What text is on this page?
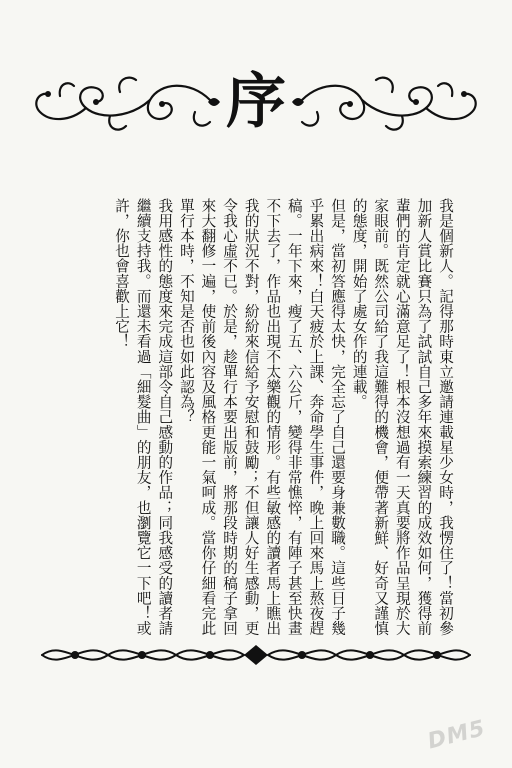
序

我是個新人。記得那時東立邀請連載星少女時，我愣住了！當初參加新人賞比賽只為了試試自己多年來摸索練習的成效如何，獲得前輩們的肯定就心滿意足了！根本沒想過有一天真要將作品呈現於大家眼前。既然公司給了我這難得的機會，便帶著新鮮、好奇又謹慎的態度，開始了處女作的連載。

但是，當初答應得太快，完全忘了自己還要身兼數職。這些日子幾乎累出病來！白天疲於上課、奔命學生事件，晚上回來馬上熬夜趕稿。一年下來，瘦了五、六公斤，變得非常憔悴，有陣子甚至快畫不下去了，作品也出現不太樂觀的情形。有些敏感的讀者馬上瞧出我的狀況不對，紛紛來信給予安慰和鼓勵；不但讓人好生感動，更令我心虛不已。於是，趁單行本要出版前，將那段時期的稿子拿回來大翻修一遍，使前後內容及風格更能一氣呵成。當你仔細看完此單行本時，不知是否也如此認為？

我用感性的態度來完成這部令自己感動的作品；同我感受的讀者請繼續支持我。而還未看過「細髮曲」的朋友，也瀏覽它一下吧！或許，你也會喜歡上它！

DM5
